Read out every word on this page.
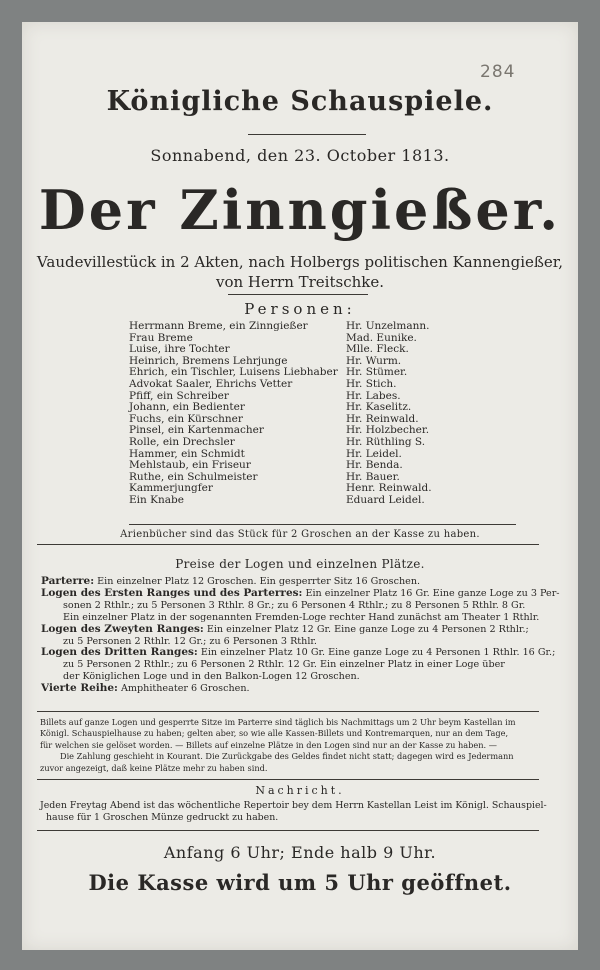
284
Königliche Schauspiele.
Sonnabend, den 23. October 1813.
Der Zinngießer.
Vaudevillestück in 2 Akten, nach Holbergs politischen Kannengießer,
von Herrn Treitschke.
Personen:
Herrmann Breme, ein Zinngießer	Hr. Unzelmann.
Frau Breme	Mad. Eunike.
Luise, ihre Tochter	Mlle. Fleck.
Heinrich, Bremens Lehrjunge	Hr. Wurm.
Ehrich, ein Tischler, Luisens Liebhaber Hr. Stümer.
Advokat Saaler, Ehrichs Vetter	Hr. Stich.
Pfiff, ein Schreiber	Hr. Labes.
Johann, ein Bedienter	Hr. Kaselitz.
Fuchs, ein Kürschner	Hr. Reinwald.
Pinsel, ein Kartenmacher	Hr. Holzbecher.
Rolle, ein Drechsler	Hr. Rüthling S.
Hammer, ein Schmidt	Hr. Leidel.
Mehlstaub, ein Friseur	Hr. Benda.
Ruthe, ein Schulmeister	Hr. Bauer.
Kammerjungfer	Henr. Reinwald.
Ein Knabe	Eduard Leidel.
Arienbücher sind das Stück für 2 Groschen an der Kasse zu haben.
Preise der Logen und einzelnen Plätze.

Parterre: Ein einzelner Platz 12 Groschen. Ein gesperrter Sitz 16 Groschen.

Logen des Ersten Ranges und des Parterres: Ein einzelner Platz 16 Gr. Eine ganze Loge zu 3 Per-

sonen 2 Rthlr.; zu 5 Personen 3 Rthlr. 8 Gr.; zu 6 Personen 4 Rthlr.; zu 8 Personen 5 Rthlr. 8 Gr.

Ein einzelner Platz in der sogenannten Fremden-Loge rechter Hand zunächst am Theater 1 Rthlr.

Logen des Zweyten Ranges: Ein einzelner Platz 12 Gr. Eine ganze Loge zu 4 Personen 2 Rthlr.;

zu 5 Personen 2 Rthlr. 12 Gr.; zu 6 Personen 3 Rthlr.

Logen des Dritten Ranges: Ein einzelner Platz 10 Gr. Eine ganze Loge zu 4 Personen 1 Rthlr. 16 Gr.;

zu 5 Personen 2 Rthlr.; zu 6 Personen 2 Rthlr. 12 Gr. Ein einzelner Platz in einer Loge über

der Königlichen Loge und in den Balkon-Logen 12 Groschen.

Vierte Reihe: Amphitheater 6 Groschen.

Billets auf ganze Logen und gesperrte Sitze im Parterre sind täglich bis Nachmittags um 2 Uhr beym Kastellan im

Königl. Schauspielhause zu haben; gelten aber, so wie alle Kassen-Billets und Kontremarquen, nur an dem Tage,

für welchen sie gelöset worden. — Billets auf einzelne Plätze in den Logen sind nur an der Kasse zu haben. —

Die Zahlung geschieht in Kourant. Die Zurückgabe des Geldes findet nicht statt; dagegen wird es Jedermann

zuvor angezeigt, daß keine Plätze mehr zu haben sind.

Nachricht.

Jeden Freytag Abend ist das wöchentliche Repertoir bey dem Herrn Kastellan Leist im Königl. Schauspiel-

hause für 1 Groschen Münze gedruckt zu haben.

Anfang 6 Uhr; Ende halb 9 Uhr.
Die Kasse wird um 5 Uhr geöffnet.
